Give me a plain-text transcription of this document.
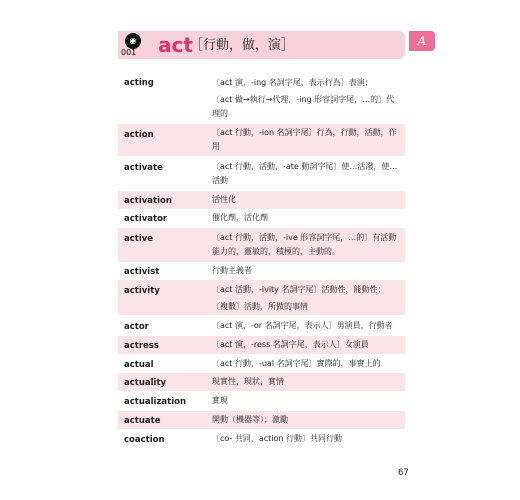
◉
001 act
［行動，做，演］	A
acting	〔act 演，-ing 名詞字尾，表示行為〕表演；
〔act 做→執行→代理，-ing 形容詞字尾，…的〕代理的
action	〔act 行動，-ion 名詞字尾〕行為，行動，活動，作用
activate	〔act 行動，活動，-ate 動詞字尾〕使…活潑，使…活動
activation	活性化
activator	催化劑，活化劑
active	〔act 行動，活動，-ive 形容詞字尾，…的〕有活動能力的，靈敏的，積極的，主動的。
activist	行動主義者
activity	〔act 活動，-ivity 名詞字尾〕活動性，能動性；
〔複數〕活動，所做的事情
actor	〔act 演，-or 名詞字尾，表示人〕男演員，行動者
actress	〔act 演，-ress 名詞字尾，表示人〕女演員
actual	〔act 行動，-ual 名詞字尾〕實際的，事實上的
actuality	現實性，現狀，實情
actualization	實現
actuate	開動（機器等）；激勵
coaction	〔co- 共同，action 行動〕共同行動
67
